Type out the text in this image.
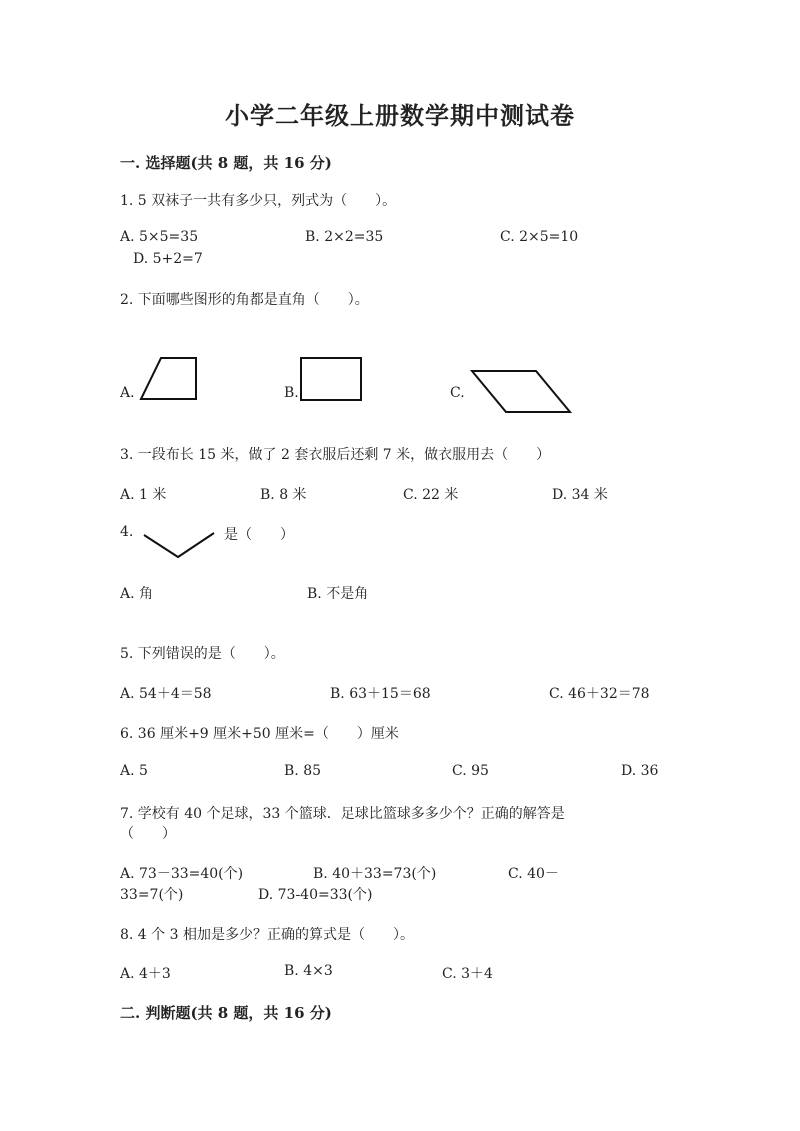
小学二年级上册数学期中测试卷
一. 选择题(共 8 题，共 16 分)
1. 5 双袜子一共有多少只，列式为（　　）。
A. 5×5=35	B. 2×2=35	C. 2×5=10
D. 5+2=7
2. 下面哪些图形的角都是直角（　　）。
A.	B.	C.
3. 一段布长 15 米，做了 2 套衣服后还剩 7 米，做衣服用去（　　）
A. 1 米	B. 8 米	C. 22 米	D. 34 米
4.	是（　　）
A. 角	B. 不是角
5. 下列错误的是（　　）。
A. 54＋4＝58	B. 63＋15＝68	C. 46＋32＝78
6. 36 厘米+9 厘米+50 厘米=（　　）厘米
A. 5	B. 85	C. 95	D. 36
7. 学校有 40 个足球，33 个篮球．足球比篮球多多少个？正确的解答是
（　　）
A. 73－33=40(个)	B. 40＋33=73(个)	C. 40－
33=7(个)	D. 73-40=33(个)
8. 4 个 3 相加是多少？正确的算式是（　　）。
A. 4＋3	B. 4×3	C. 3＋4
二. 判断题(共 8 题，共 16 分)
